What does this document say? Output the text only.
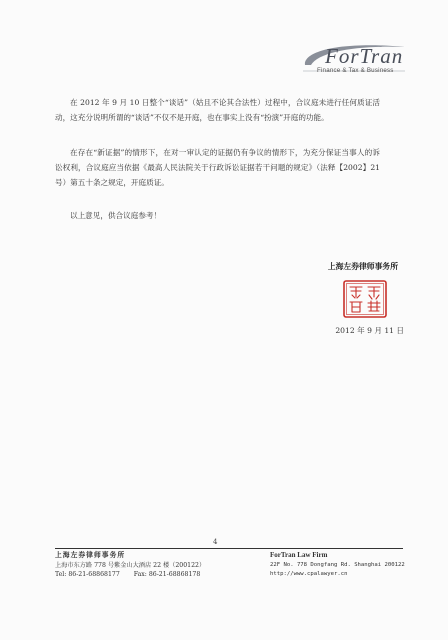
ForTran
Finance & Tax & Business

在 2012 年 9 月 10 日整个“谈话”（姑且不论其合法性）过程中，合议庭未进行任何质证活动，这充分说明所谓的“谈话”不仅不是开庭，也在事实上没有“扮演”开庭的功能。

在存在“新证据”的情形下，在对一审认定的证据仍有争议的情形下，为充分保证当事人的诉讼权利，合议庭应当依据《最高人民法院关于行政诉讼证据若干问题的规定》（法释【2002】21 号）第五十条之规定，开庭质证。

以上意见，供合议庭参考！

上海左券律师事务所
2012 年 9 月 11 日
4
上海左券律师事务所
上海市东方路 778 号紫金山大酒店 22 楼（200122）
Tel: 86-21-68868177 Fax: 86-21-68868178
ForTran Law Firm
22F No. 778 Dongfang Rd. Shanghai 200122
http://www.cpalawyer.cn
